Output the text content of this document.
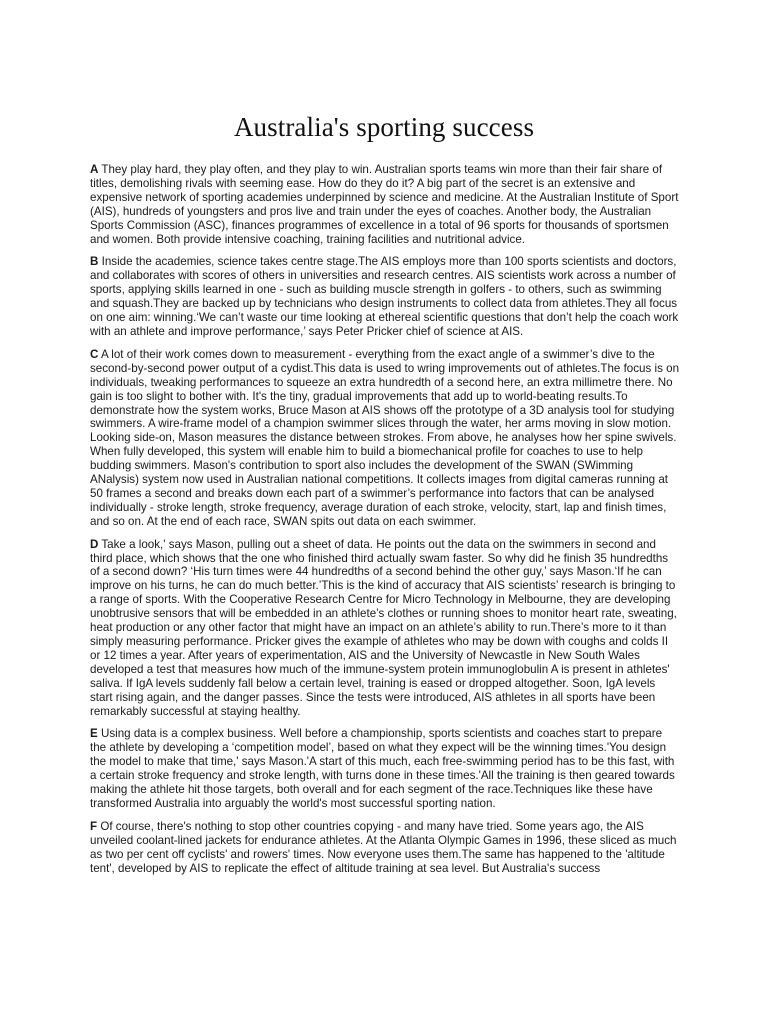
Australia's sporting success

A They play hard, they play often, and they play to win. Australian sports teams win more than their fair share of titles, demolishing rivals with seeming ease. How do they do it? A big part of the secret is an extensive and expensive network of sporting academies underpinned by science and medicine. At the Australian Institute of Sport (AIS), hundreds of youngsters and pros live and train under the eyes of coaches. Another body, the Australian Sports Commission (ASC), finances programmes of excellence in a total of 96 sports for thousands of sportsmen and women. Both provide intensive coaching, training facilities and nutritional advice.

B Inside the academies, science takes centre stage.The AIS employs more than 100 sports scientists and doctors, and collaborates with scores of others in universities and research centres. AIS scientists work across a number of sports, applying skills learned in one - such as building muscle strength in golfers - to others, such as swimming and squash.They are backed up by technicians who design instruments to collect data from athletes.They all focus on one aim: winning.‘We can’t waste our time looking at ethereal scientific questions that don’t help the coach work with an athlete and improve performance,’ says Peter Pricker chief of science at AIS.

C A lot of their work comes down to measurement - everything from the exact angle of a swimmer’s dive to the second-by-second power output of a cydist.This data is used to wring improvements out of athletes.The focus is on individuals, tweaking performances to squeeze an extra hundredth of a second here, an extra millimetre there. No gain is too slight to bother with. It's the tiny, gradual improvements that add up to world-beating results.To demonstrate how the system works, Bruce Mason at AIS shows off the prototype of a 3D analysis tool for studying swimmers. A wire-frame model of a champion swimmer slices through the water, her arms moving in slow motion. Looking side-on, Mason measures the distance between strokes. From above, he analyses how her spine swivels. When fully developed, this system will enable him to build a biomechanical profile for coaches to use to help budding swimmers. Mason's contribution to sport also includes the development of the SWAN (SWimming ANalysis) system now used in Australian national competitions. It collects images from digital cameras running at 50 frames a second and breaks down each part of a swimmer’s performance into factors that can be analysed individually - stroke length, stroke frequency, average duration of each stroke, velocity, start, lap and finish times, and so on. At the end of each race, SWAN spits out data on each swimmer.

D Take a look,' says Mason, pulling out a sheet of data. He points out the data on the swimmers in second and third place, which shows that the one who finished third actually swam faster. So why did he finish 35 hundredths of a second down? ‘His turn times were 44 hundredths of a second behind the other guy,’ says Mason.‘If he can improve on his turns, he can do much better.’This is the kind of accuracy that AIS scientists’ research is bringing to a range of sports. With the Cooperative Research Centre for Micro Technology in Melbourne, they are developing unobtrusive sensors that will be embedded in an athlete’s clothes or running shoes to monitor heart rate, sweating, heat production or any other factor that might have an impact on an athlete’s ability to run.There’s more to it than simply measuring performance. Pricker gives the example of athletes who may be down with coughs and colds II or 12 times a year. After years of experimentation, AIS and the University of Newcastle in New South Wales developed a test that measures how much of the immune-system protein immunoglobulin A is present in athletes' saliva. If IgA levels suddenly fall below a certain level, training is eased or dropped altogether. Soon, IgA levels start rising again, and the danger passes. Since the tests were introduced, AIS athletes in all sports have been remarkably successful at staying healthy.

E Using data is a complex business. Well before a championship, sports scientists and coaches start to prepare the athlete by developing a ‘competition model’, based on what they expect will be the winning times.'You design the model to make that time,' says Mason.'A start of this much, each free-swimming period has to be this fast, with a certain stroke frequency and stroke length, with turns done in these times.'All the training is then geared towards making the athlete hit those targets, both overall and for each segment of the race.Techniques like these have transformed Australia into arguably the world's most successful sporting nation.

F Of course, there's nothing to stop other countries copying - and many have tried. Some years ago, the AIS unveiled coolant-lined jackets for endurance athletes. At the Atlanta Olympic Games in 1996, these sliced as much as two per cent off cyclists' and rowers' times. Now everyone uses them.The same has happened to the 'altitude tent', developed by AIS to replicate the effect of altitude training at sea level. But Australia's success
